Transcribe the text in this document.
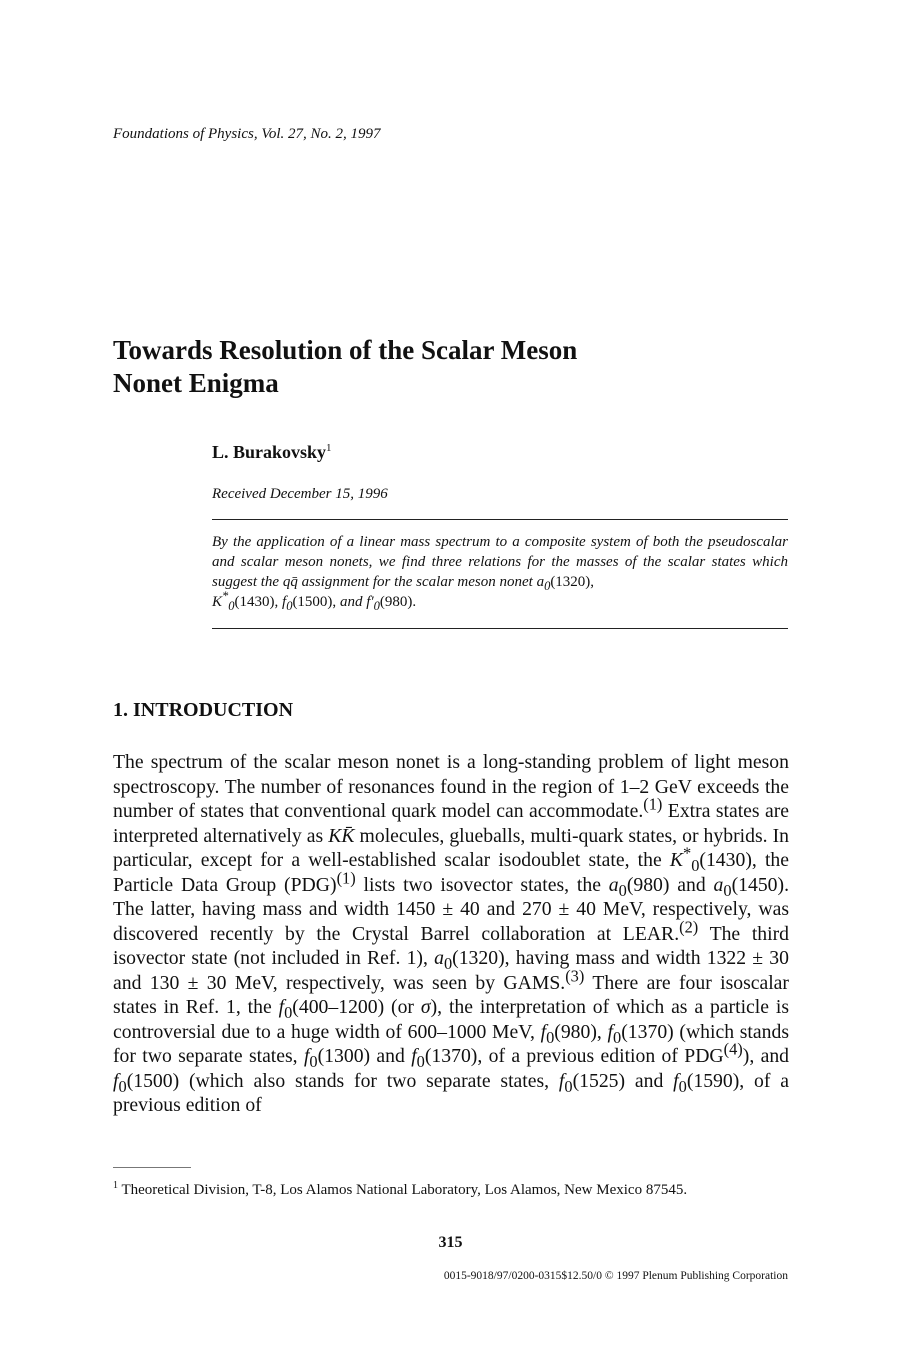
Foundations of Physics, Vol. 27, No. 2, 1997
Towards Resolution of the Scalar Meson
Nonet Enigma
L. Burakovsky$^1$
Received December 15, 1996
By the application of a linear mass spectrum to a composite system of both the pseudoscalar and scalar meson nonets, we find three relations for the masses of the scalar states which suggest the qq̄ assignment for the scalar meson nonet $a_0(1320)$,
$K^*_0(1430)$, $f_0(1500)$, and $f'_0(980)$.
1. INTRODUCTION

The spectrum of the scalar meson nonet is a long-standing problem of light meson spectroscopy. The number of resonances found in the region of 1–2 GeV exceeds the number of states that conventional quark model can accommodate.$^{(1)}$ Extra states are interpreted alternatively as KK̄ molecules, glueballs, multi-quark states, or hybrids. In particular, except for a well-established scalar isodoublet state, the $K^*_0(1430)$, the Particle Data Group (PDG)$^{(1)}$ lists two isovector states, the $a_0(980)$ and $a_0(1450)$. The latter, having mass and width 1450 ± 40 and 270 ± 40 MeV, respectively, was discovered recently by the Crystal Barrel collaboration at LEAR.$^{(2)}$ The third isovector state (not included in Ref. 1), $a_0(1320)$, having mass and width 1322 ± 30 and 130 ± 30 MeV, respectively, was seen by GAMS.$^{(3)}$ There are four isoscalar states in Ref. 1, the $f_0(400-1200)$ (or σ), the interpretation of which as a particle is controversial due to a huge width of 600–1000 MeV, $f_0(980)$, $f_0(1370)$ (which stands for two separate states, $f_0(1300)$ and $f_0(1370)$, of a previous edition of PDG$^{(4)}$), and $f_0(1500)$ (which also stands for two separate states, $f_0(1525)$ and $f_0(1590)$, of a previous edition of

$^1$ Theoretical Division, T-8, Los Alamos National Laboratory, Los Alamos, New Mexico 87545.
315
0015-9018/97/0200-0315$12.50/0 © 1997 Plenum Publishing Corporation
